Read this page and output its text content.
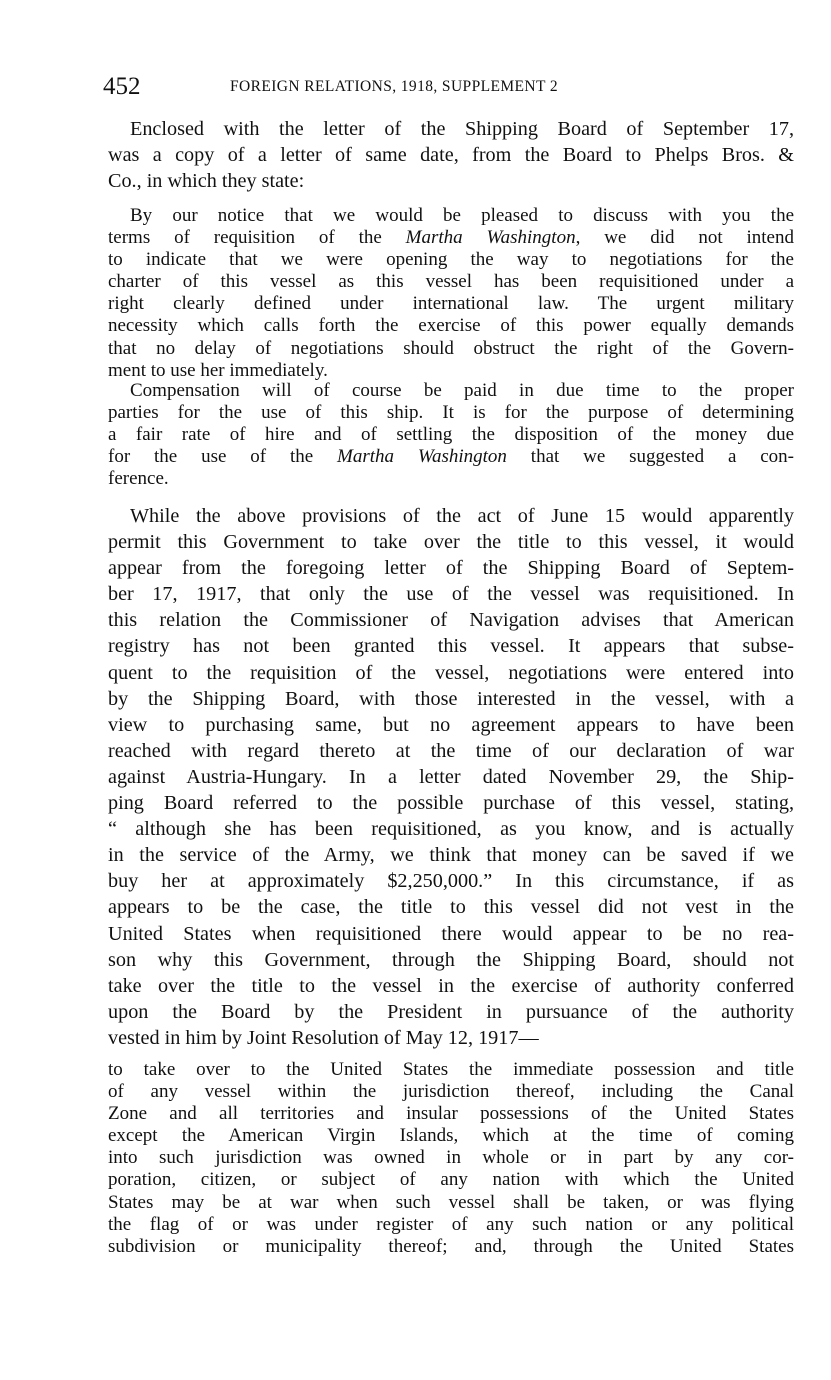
452	FOREIGN RELATIONS, 1918, SUPPLEMENT 2
Enclosed with the letter of the Shipping Board of September 17,
was a copy of a letter of same date, from the Board to Phelps Bros. &
Co., in which they state:
By our notice that we would be pleased to discuss with you the
terms of requisition of the Martha Washington, we did not intend
to indicate that we were opening the way to negotiations for the
charter of this vessel as this vessel has been requisitioned under a
right clearly defined under international law. The urgent military
necessity which calls forth the exercise of this power equally demands
that no delay of negotiations should obstruct the right of the Govern-
ment to use her immediately.
Compensation will of course be paid in due time to the proper
parties for the use of this ship. It is for the purpose of determining
a fair rate of hire and of settling the disposition of the money due
for the use of the Martha Washington that we suggested a con-
ference.
While the above provisions of the act of June 15 would apparently
permit this Government to take over the title to this vessel, it would
appear from the foregoing letter of the Shipping Board of Septem-
ber 17, 1917, that only the use of the vessel was requisitioned. In
this relation the Commissioner of Navigation advises that American
registry has not been granted this vessel. It appears that subse-
quent to the requisition of the vessel, negotiations were entered into
by the Shipping Board, with those interested in the vessel, with a
view to purchasing same, but no agreement appears to have been
reached with regard thereto at the time of our declaration of war
against Austria-Hungary. In a letter dated November 29, the Ship-
ping Board referred to the possible purchase of this vessel, stating,
“ although she has been requisitioned, as you know, and is actually
in the service of the Army, we think that money can be saved if we
buy her at approximately $2,250,000.” In this circumstance, if as
appears to be the case, the title to this vessel did not vest in the
United States when requisitioned there would appear to be no rea-
son why this Government, through the Shipping Board, should not
take over the title to the vessel in the exercise of authority conferred
upon the Board by the President in pursuance of the authority
vested in him by Joint Resolution of May 12, 1917—
to take over to the United States the immediate possession and title
of any vessel within the jurisdiction thereof, including the Canal
Zone and all territories and insular possessions of the United States
except the American Virgin Islands, which at the time of coming
into such jurisdiction was owned in whole or in part by any cor-
poration, citizen, or subject of any nation with which the United
States may be at war when such vessel shall be taken, or was flying
the flag of or was under register of any such nation or any political
subdivision or municipality thereof; and, through the United States
